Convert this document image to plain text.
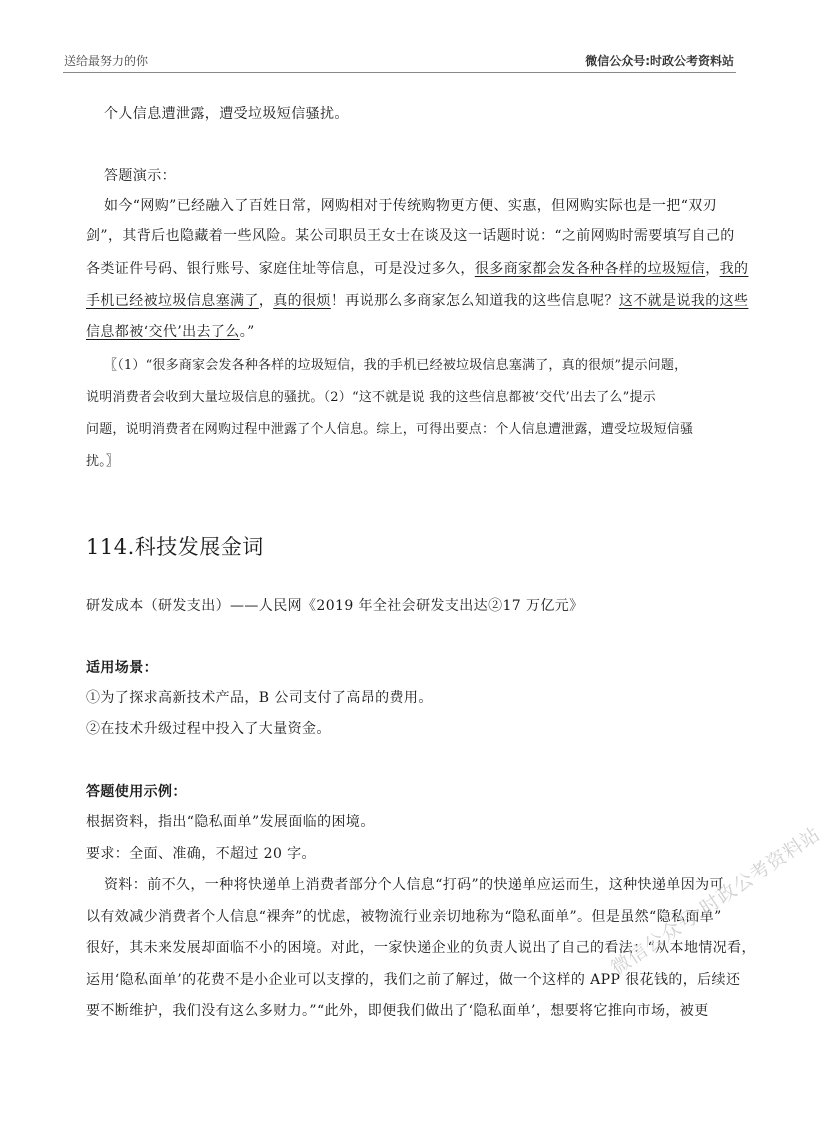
送给最努力的你	微信公众号:时政公考资料站
个人信息遭泄露，遭受垃圾短信骚扰。
答题演示：
如今“网购”已经融入了百姓日常，网购相对于传统购物更方便、实惠，但网购实际也是一把“双刃
剑”，其背后也隐藏着一些风险。某公司职员王女士在谈及这一话题时说：“之前网购时需要填写自己的
各类证件号码、银行账号、家庭住址等信息，可是没过多久，很多商家都会发各种各样的垃圾短信，我的
手机已经被垃圾信息塞满了，真的很烦！再说那么多商家怎么知道我的这些信息呢？这不就是说我的这些
信息都被‘交代’出去了么。”
〖（1）“很多商家会发各种各样的垃圾短信，我的手机已经被垃圾信息塞满了，真的很烦”提示问题，
说明消费者会收到大量垃圾信息的骚扰。（2）“这不就是说 我的这些信息都被‘交代’出去了么”提示
问题，说明消费者在网购过程中泄露了个人信息。综上，可得出要点：个人信息遭泄露，遭受垃圾短信骚
扰。〗
114.科技发展金词
研发成本（研发支出）——人民网《2019 年全社会研发支出达②17 万亿元》
适用场景：
①为了探求高新技术产品，B 公司支付了高昂的费用。
②在技术升级过程中投入了大量资金。
答题使用示例：
根据资料，指出“隐私面单”发展面临的困境。
要求：全面、准确，不超过 20 字。
资料：前不久，一种将快递单上消费者部分个人信息“打码”的快递单应运而生，这种快递单因为可
以有效减少消费者个人信息“裸奔”的忧虑，被物流行业亲切地称为“隐私面单”。但是虽然“隐私面单”
很好，其未来发展却面临不小的困境。对此，一家快递企业的负责人说出了自己的看法：“从本地情况看，
运用‘隐私面单’的花费不是小企业可以支撑的，我们之前了解过，做一个这样的 APP 很花钱的，后续还
要不断维护，我们没有这么多财力。”“此外，即便我们做出了‘隐私面单’，想要将它推向市场，被更
微信公众号:时政公考资料站
